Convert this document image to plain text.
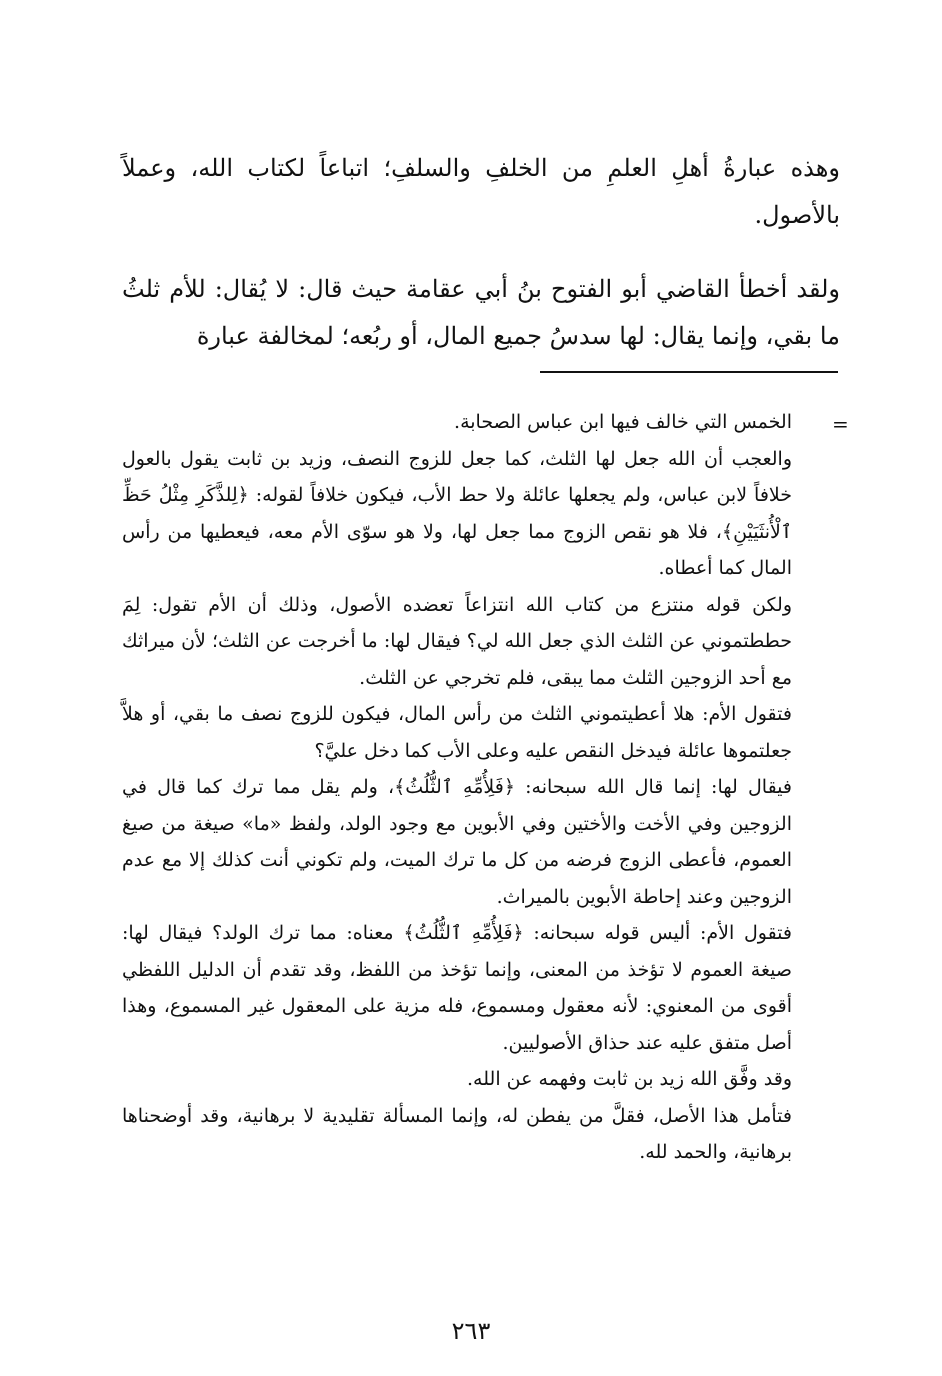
وهذه عبارةُ أهلِ العلمِ من الخلفِ والسلفِ؛ اتباعاً لكتاب الله، وعملاً بالأصول.

ولقد أخطأ القاضي أبو الفتوح بنُ أبي عقامة حيث قال: لا يُقال: للأم ثلثُ ما بقي، وإنما يقال: لها سدسُ جميع المال، أو ربُعه؛ لمخالفة عبارة

=

الخمس التي خالف فيها ابن عباس الصحابة.

والعجب أن الله جعل لها الثلث، كما جعل للزوج النصف، وزيد بن ثابت يقول بالعول خلافاً لابن عباس، ولم يجعلها عائلة ولا حط الأب، فيكون خلافاً لقوله: ﴿لِلذَّكَرِ مِثْلُ حَظِّ ٱلْأُنثَيَيْنِ﴾، فلا هو نقص الزوج مما جعل لها، ولا هو سوّى الأم معه، فيعطيها من رأس المال كما أعطاه.

ولكن قوله منتزع من كتاب الله انتزاعاً تعضده الأصول، وذلك أن الأم تقول: لِمَ حططتموني عن الثلث الذي جعل الله لي؟ فيقال لها: ما أخرجت عن الثلث؛ لأن ميراثك مع أحد الزوجين الثلث مما يبقى، فلم تخرجي عن الثلث.

فتقول الأم: هلا أعطيتموني الثلث من رأس المال، فيكون للزوج نصف ما بقي، أو هلاَّ جعلتموها عائلة فيدخل النقص عليه وعلى الأب كما دخل عليَّ؟

فيقال لها: إنما قال الله سبحانه: ﴿فَلِأُمِّهِ ٱلثُّلُثُ﴾، ولم يقل مما ترك كما قال في الزوجين وفي الأخت والأختين وفي الأبوين مع وجود الولد، ولفظ «ما» صيغة من صيغ العموم، فأعطى الزوج فرضه من كل ما ترك الميت، ولم تكوني أنت كذلك إلا مع عدم الزوجين وعند إحاطة الأبوين بالميراث.

فتقول الأم: أليس قوله سبحانه: ﴿فَلِأُمِّهِ ٱلثُّلُثُ﴾ معناه: مما ترك الولد؟ فيقال لها: صيغة العموم لا تؤخذ من المعنى، وإنما تؤخذ من اللفظ، وقد تقدم أن الدليل اللفظي أقوى من المعنوي: لأنه معقول ومسموع، فله مزية على المعقول غير المسموع، وهذا أصل متفق عليه عند حذاق الأصوليين.

وقد وفَّق الله زيد بن ثابت وفهمه عن الله.

فتأمل هذا الأصل، فقلَّ من يفطن له، وإنما المسألة تقليدية لا برهانية، وقد أوضحناها برهانية، والحمد لله.

٢٦٣
